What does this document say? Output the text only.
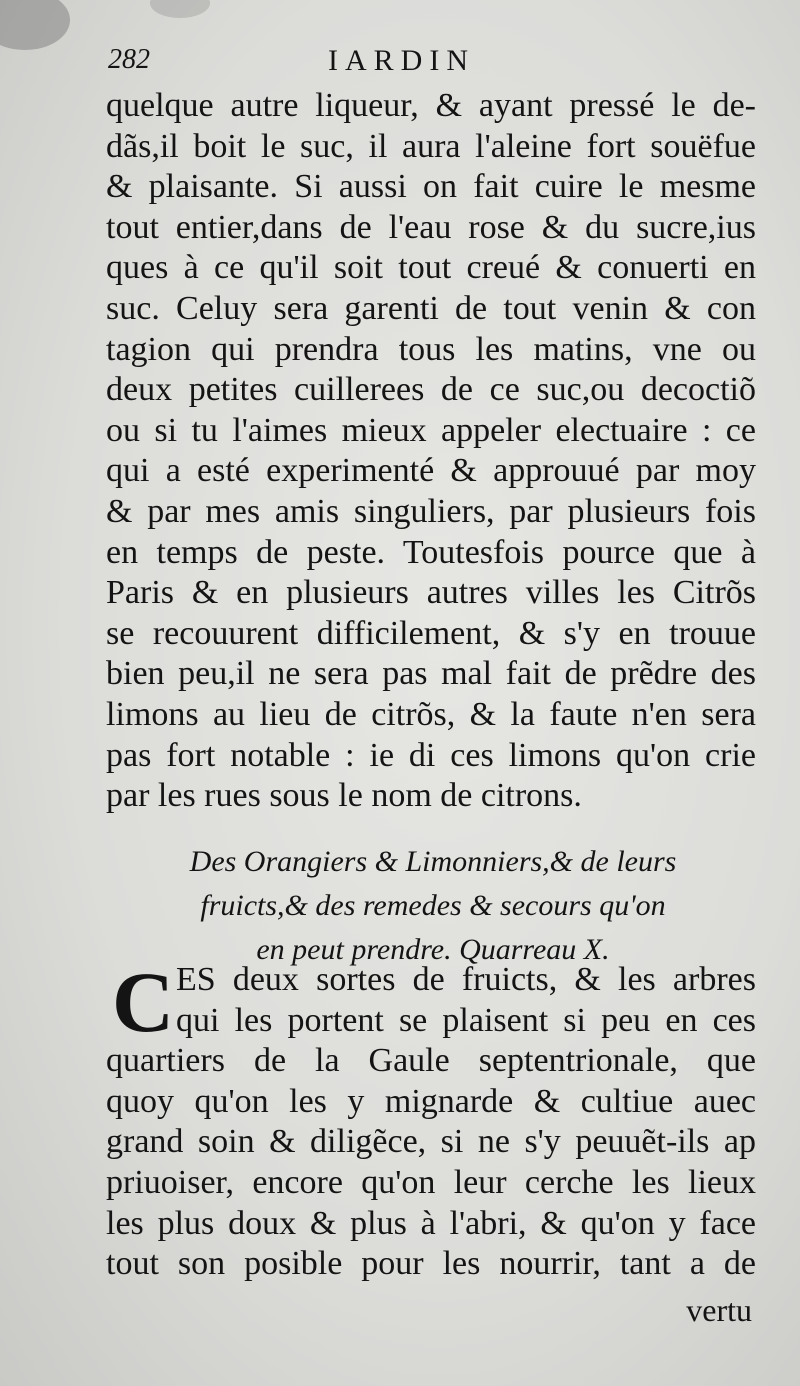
282	IARDIN
quelque autre liqueur, & ayant pressé le de-
dãs,il boit le suc, il aura l'aleine fort souëfue
& plaisante. Si aussi on fait cuire le mesme
tout entier,dans de l'eau rose & du sucre,ius
ques à ce qu'il soit tout creué & conuerti en
suc. Celuy sera garenti de tout venin & con
tagion qui prendra tous les matins, vne ou
deux petites cuillerees de ce suc,ou decoctiõ
ou si tu l'aimes mieux appeler electuaire : ce
qui a esté experimenté & approuué par moy
& par mes amis singuliers, par plusieurs fois
en temps de peste. Toutesfois pource que à
Paris & en plusieurs autres villes les Citrõs
se recouurent difficilement, & s'y en trouue
bien peu,il ne sera pas mal fait de prẽdre des
limons au lieu de citrõs, & la faute n'en sera
pas fort notable : ie di ces limons qu'on crie
par les rues sous le nom de citrons.
Des Orangiers & Limonniers,& de leurs
fruicts,& des remedes & secours qu'on
en peut prendre. Quarreau X.
C ES deux sortes de fruicts, & les arbres
qui les portent se plaisent si peu en ces
quartiers de la Gaule septentrionale, que
quoy qu'on les y mignarde & cultiue auec
grand soin & diligẽce, si ne s'y peuuẽt-ils ap
priuoiser, encore qu'on leur cerche les lieux
les plus doux & plus à l'abri, & qu'on y face
tout son posible pour les nourrir, tant a de
vertu
